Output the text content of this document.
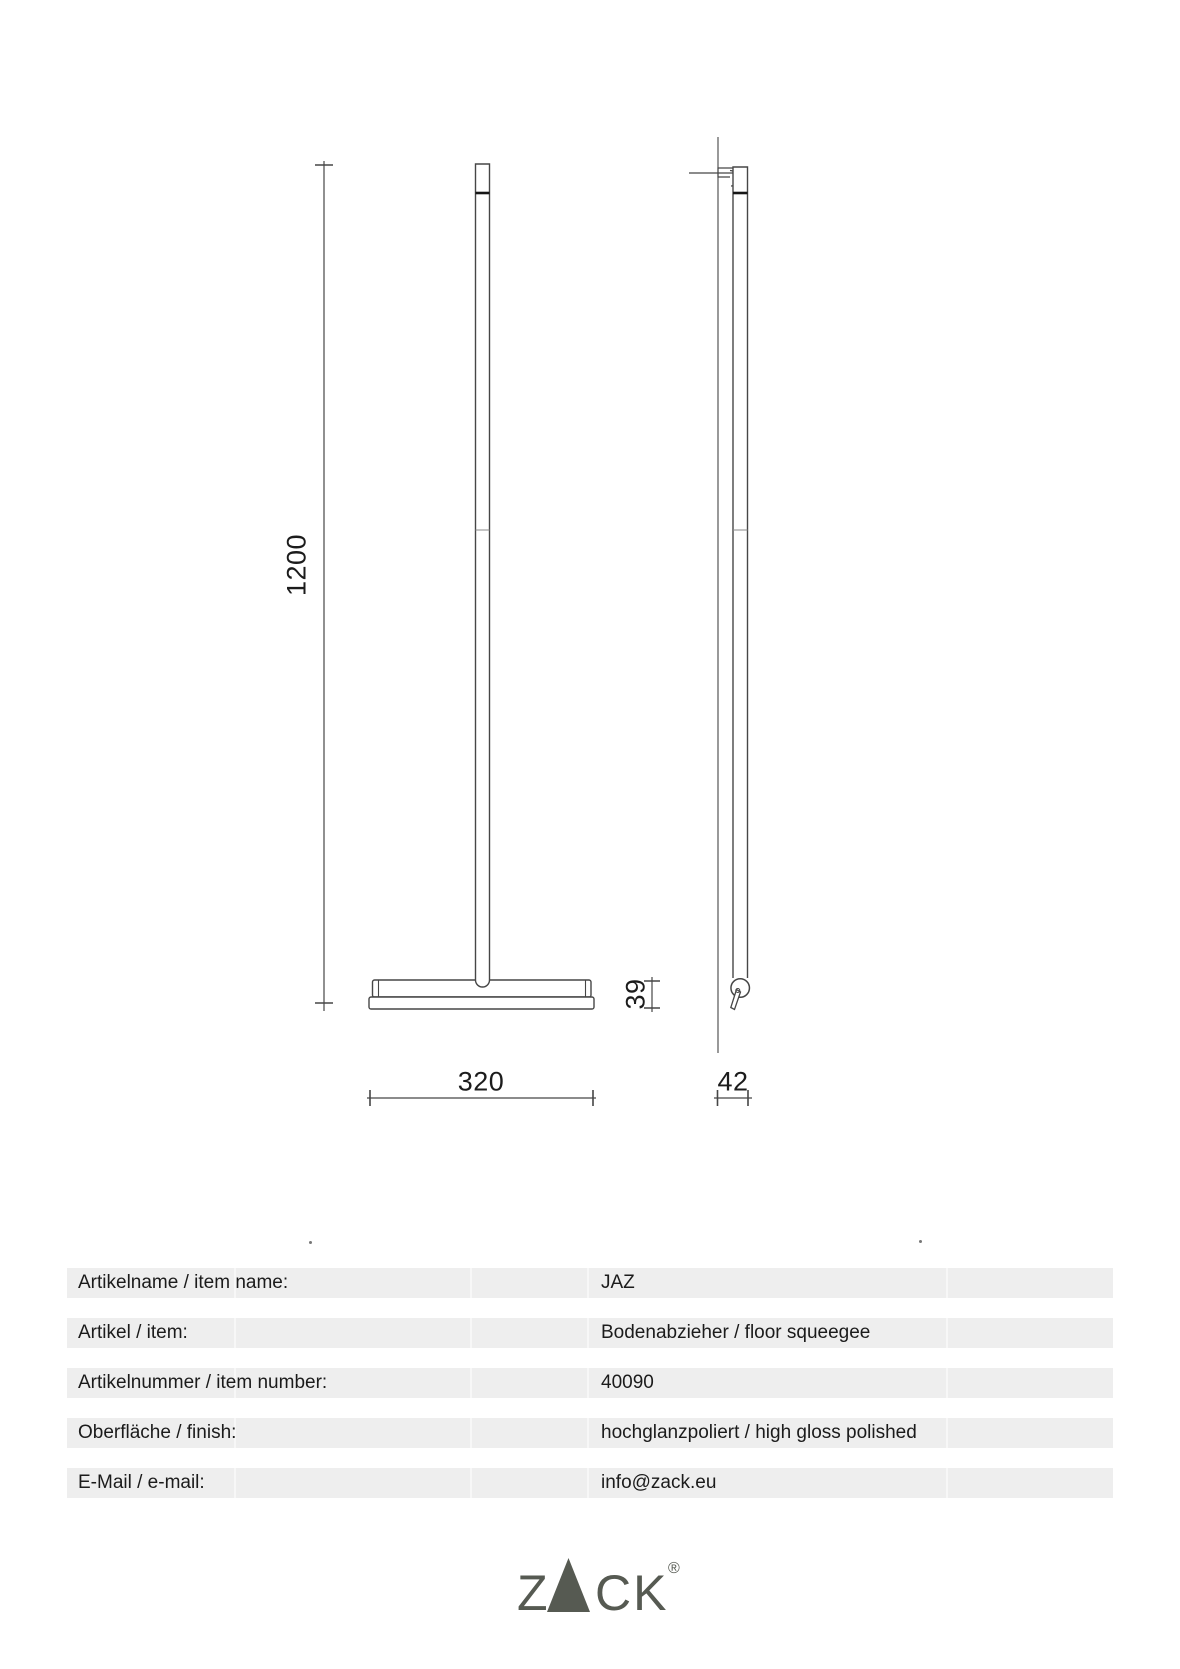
1200
320
39
42
Artikelname / item name:	JAZ
Artikel / item:	Bodenabzieher / floor squeegee
Artikelnummer / item number:	40090
Oberfläche / finish:	hochglanzpoliert / high gloss polished
E-Mail / e-mail:	info@zack.eu
Z CK ®
